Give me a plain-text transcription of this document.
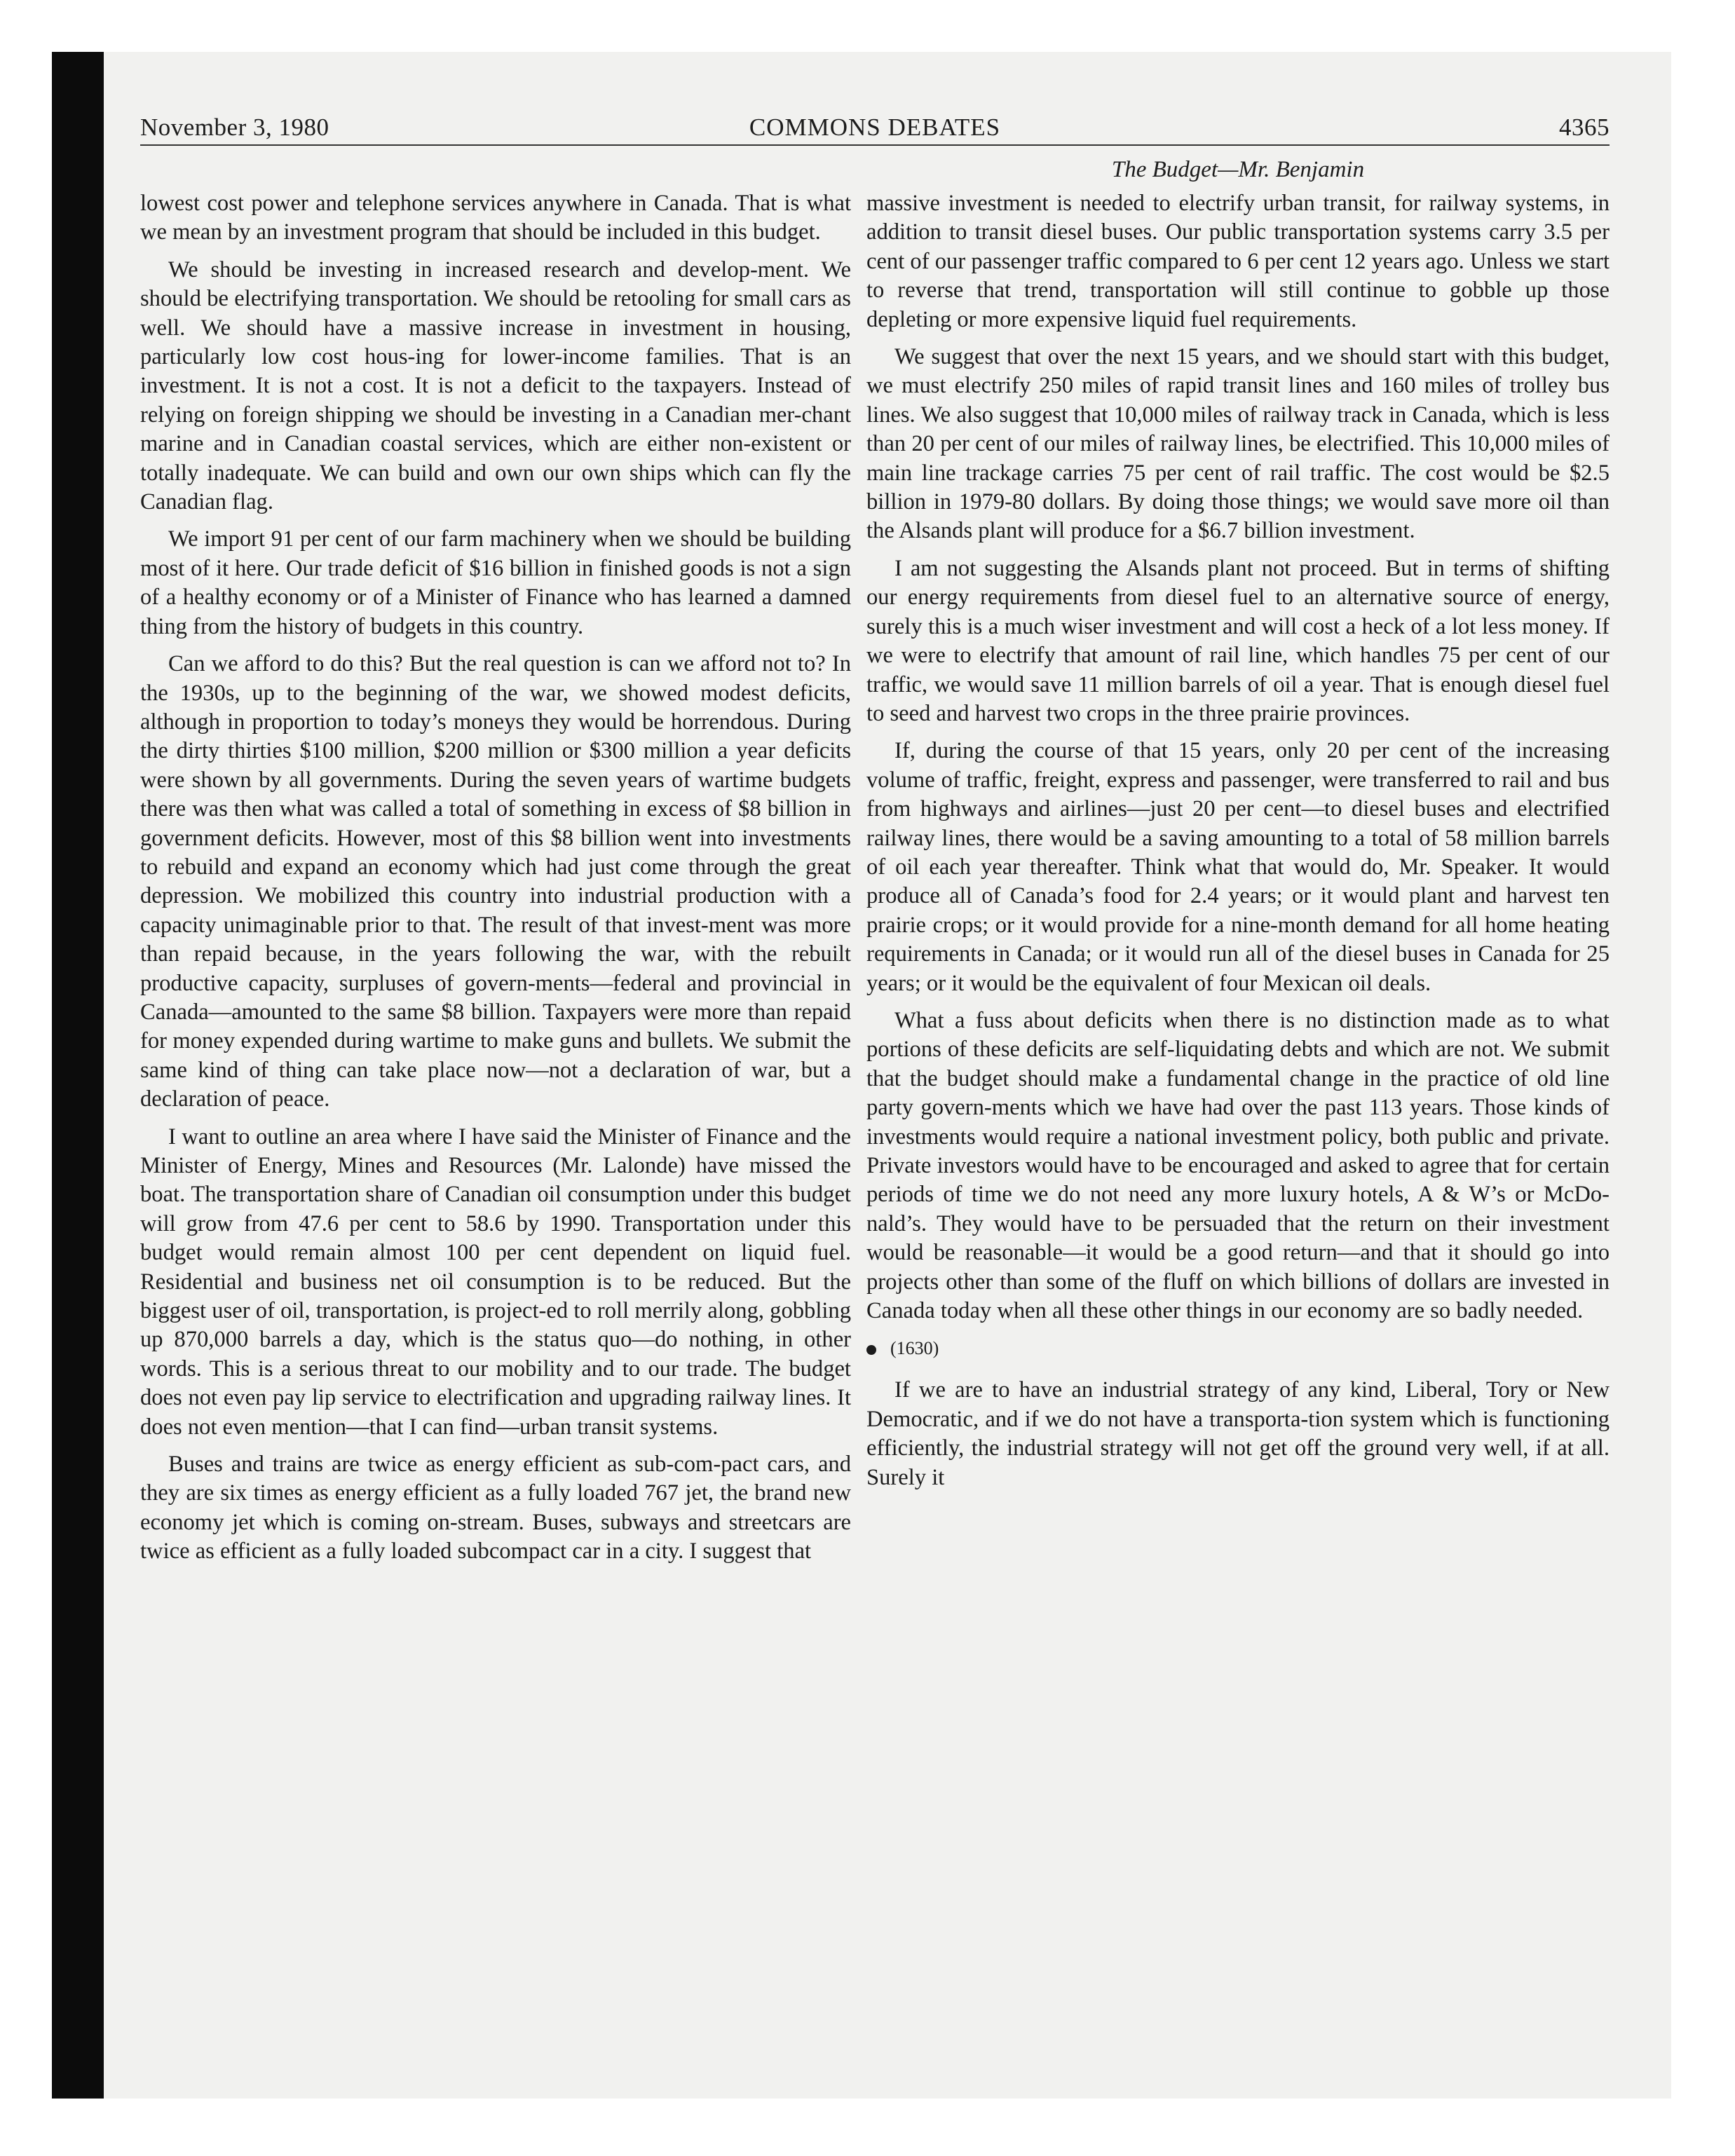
November 3, 1980	COMMONS DEBATES	4365
The Budget—Mr. Benjamin

lowest cost power and telephone services anywhere in Canada. That is what we mean by an investment program that should be included in this budget.

We should be investing in increased research and develop-ment. We should be electrifying transportation. We should be retooling for small cars as well. We should have a massive increase in investment in housing, particularly low cost hous-ing for lower-income families. That is an investment. It is not a cost. It is not a deficit to the taxpayers. Instead of relying on foreign shipping we should be investing in a Canadian mer-chant marine and in Canadian coastal services, which are either non-existent or totally inadequate. We can build and own our own ships which can fly the Canadian flag.

We import 91 per cent of our farm machinery when we should be building most of it here. Our trade deficit of $16 billion in finished goods is not a sign of a healthy economy or of a Minister of Finance who has learned a damned thing from the history of budgets in this country.

Can we afford to do this? But the real question is can we afford not to? In the 1930s, up to the beginning of the war, we showed modest deficits, although in proportion to today’s moneys they would be horrendous. During the dirty thirties $100 million, $200 million or $300 million a year deficits were shown by all governments. During the seven years of wartime budgets there was then what was called a total of something in excess of $8 billion in government deficits. However, most of this $8 billion went into investments to rebuild and expand an economy which had just come through the great depression. We mobilized this country into industrial production with a capacity unimaginable prior to that. The result of that invest-ment was more than repaid because, in the years following the war, with the rebuilt productive capacity, surpluses of govern-ments—federal and provincial in Canada—amounted to the same $8 billion. Taxpayers were more than repaid for money expended during wartime to make guns and bullets. We submit the same kind of thing can take place now—not a declaration of war, but a declaration of peace.

I want to outline an area where I have said the Minister of Finance and the Minister of Energy, Mines and Resources (Mr. Lalonde) have missed the boat. The transportation share of Canadian oil consumption under this budget will grow from 47.6 per cent to 58.6 by 1990. Transportation under this budget would remain almost 100 per cent dependent on liquid fuel. Residential and business net oil consumption is to be reduced. But the biggest user of oil, transportation, is project-ed to roll merrily along, gobbling up 870,000 barrels a day, which is the status quo—do nothing, in other words. This is a serious threat to our mobility and to our trade. The budget does not even pay lip service to electrification and upgrading railway lines. It does not even mention—that I can find—urban transit systems.

Buses and trains are twice as energy efficient as sub-com-pact cars, and they are six times as energy efficient as a fully loaded 767 jet, the brand new economy jet which is coming on-stream. Buses, subways and streetcars are twice as efficient as a fully loaded subcompact car in a city. I suggest that

massive investment is needed to electrify urban transit, for railway systems, in addition to transit diesel buses. Our public transportation systems carry 3.5 per cent of our passenger traffic compared to 6 per cent 12 years ago. Unless we start to reverse that trend, transportation will still continue to gobble up those depleting or more expensive liquid fuel requirements.

We suggest that over the next 15 years, and we should start with this budget, we must electrify 250 miles of rapid transit lines and 160 miles of trolley bus lines. We also suggest that 10,000 miles of railway track in Canada, which is less than 20 per cent of our miles of railway lines, be electrified. This 10,000 miles of main line trackage carries 75 per cent of rail traffic. The cost would be $2.5 billion in 1979-80 dollars. By doing those things; we would save more oil than the Alsands plant will produce for a $6.7 billion investment.

I am not suggesting the Alsands plant not proceed. But in terms of shifting our energy requirements from diesel fuel to an alternative source of energy, surely this is a much wiser investment and will cost a heck of a lot less money. If we were to electrify that amount of rail line, which handles 75 per cent of our traffic, we would save 11 million barrels of oil a year. That is enough diesel fuel to seed and harvest two crops in the three prairie provinces.

If, during the course of that 15 years, only 20 per cent of the increasing volume of traffic, freight, express and passenger, were transferred to rail and bus from highways and airlines—just 20 per cent—to diesel buses and electrified railway lines, there would be a saving amounting to a total of 58 million barrels of oil each year thereafter. Think what that would do, Mr. Speaker. It would produce all of Canada’s food for 2.4 years; or it would plant and harvest ten prairie crops; or it would provide for a nine-month demand for all home heating requirements in Canada; or it would run all of the diesel buses in Canada for 25 years; or it would be the equivalent of four Mexican oil deals.

What a fuss about deficits when there is no distinction made as to what portions of these deficits are self-liquidating debts and which are not. We submit that the budget should make a fundamental change in the practice of old line party govern-ments which we have had over the past 113 years. Those kinds of investments would require a national investment policy, both public and private. Private investors would have to be encouraged and asked to agree that for certain periods of time we do not need any more luxury hotels, A & W’s or McDo-nald’s. They would have to be persuaded that the return on their investment would be reasonable—it would be a good return—and that it should go into projects other than some of the fluff on which billions of dollars are invested in Canada today when all these other things in our economy are so badly needed.

(1630)

If we are to have an industrial strategy of any kind, Liberal, Tory or New Democratic, and if we do not have a transporta-tion system which is functioning efficiently, the industrial strategy will not get off the ground very well, if at all. Surely it
